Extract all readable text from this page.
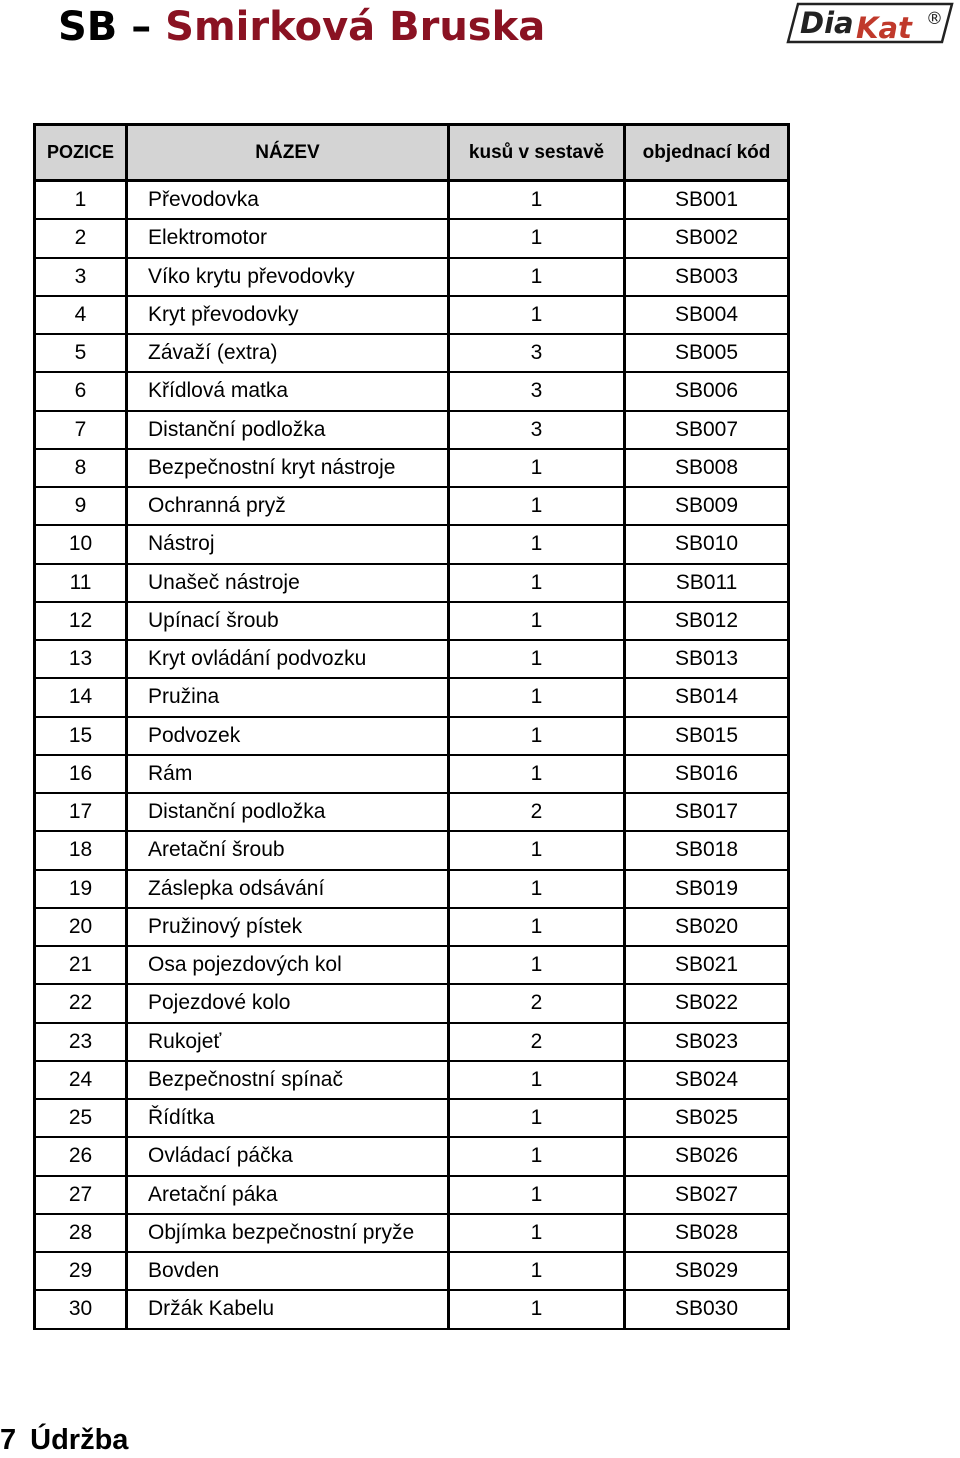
SB – Smirková Bruska	Dia Kat ®
POZICE	NÁZEV	kusů v sestavě	objednací kód
1	Převodovka	1	SB001
2	Elektromotor	1	SB002
3	Víko krytu převodovky	1	SB003
4	Kryt převodovky	1	SB004
5	Závaží (extra)	3	SB005
6	Křídlová matka	3	SB006
7	Distanční podložka	3	SB007
8	Bezpečnostní kryt nástroje	1	SB008
9	Ochranná pryž	1	SB009
10	Nástroj	1	SB010
11	Unašeč nástroje	1	SB011
12	Upínací šroub	1	SB012
13	Kryt ovládání podvozku	1	SB013
14	Pružina	1	SB014
15	Podvozek	1	SB015
16	Rám	1	SB016
17	Distanční podložka	2	SB017
18	Aretační šroub	1	SB018
19	Záslepka odsávání	1	SB019
20	Pružinový pístek	1	SB020
21	Osa pojezdových kol	1	SB021
22	Pojezdové kolo	2	SB022
23	Rukojeť	2	SB023
24	Bezpečnostní spínač	1	SB024
25	Řídítka	1	SB025
26	Ovládací páčka	1	SB026
27	Aretační páka	1	SB027
28	Objímka bezpečnostní pryže	1	SB028
29	Bovden	1	SB029
30	Držák Kabelu	1	SB030
7 Údržba
